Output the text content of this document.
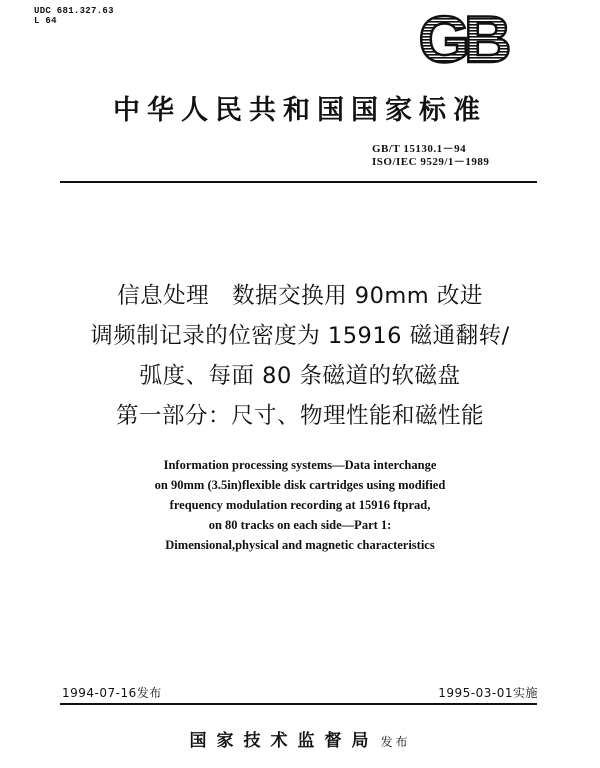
UDC 681.327.63
L 64	GB
中华人民共和国国家标准
GB/T 15130.1－94
ISO/IEC 9529/1－1989
信息处理　数据交换用 90mm 改进
调频制记录的位密度为 15916 磁通翻转/
弧度、每面 80 条磁道的软磁盘
第一部分：尺寸、物理性能和磁性能
Information processing systems—Data interchange
on 90mm (3.5in)flexible disk cartridges using modified
frequency modulation recording at 15916 ftprad,
on 80 tracks on each side—Part 1:
Dimensional,physical and magnetic characteristics
1994-07-16发布	1995-03-01实施
国家技术监督局 发布
